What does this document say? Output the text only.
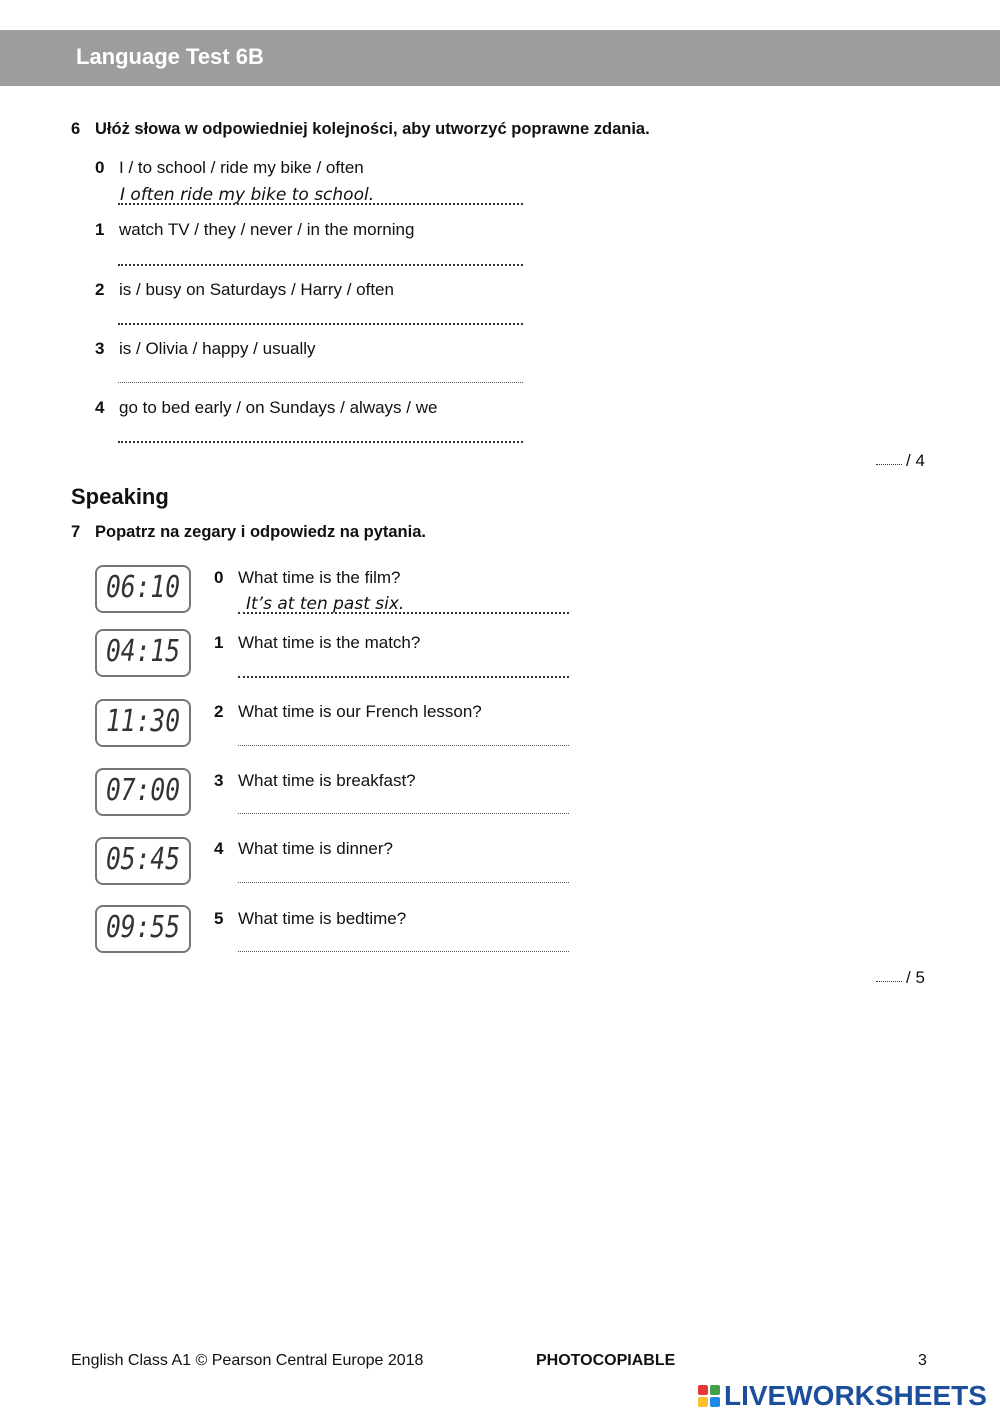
Language Test 6B
6 Ułóż słowa w odpowiedniej kolejności, aby utworzyć poprawne zdania.
0 I / to school / ride my bike / often
I often ride my bike to school.
1 watch TV / they / never / in the morning
2 is / busy on Saturdays / Harry / often
3 is / Olivia / happy / usually
4 go to bed early / on Sundays / always / we
/ 4
Speaking
7 Popatrz na zegary i odpowiedz na pytania.
06:10 0 What time is the film?
It’s at ten past six.
04:15 1 What time is the match?
11:30 2 What time is our French lesson?
07:00 3 What time is breakfast?
05:45 4 What time is dinner?
09:55 5 What time is bedtime?
/ 5
English Class A1 © Pearson Central Europe 2018	PHOTOCOPIABLE	3
LIVEWORKSHEETS
